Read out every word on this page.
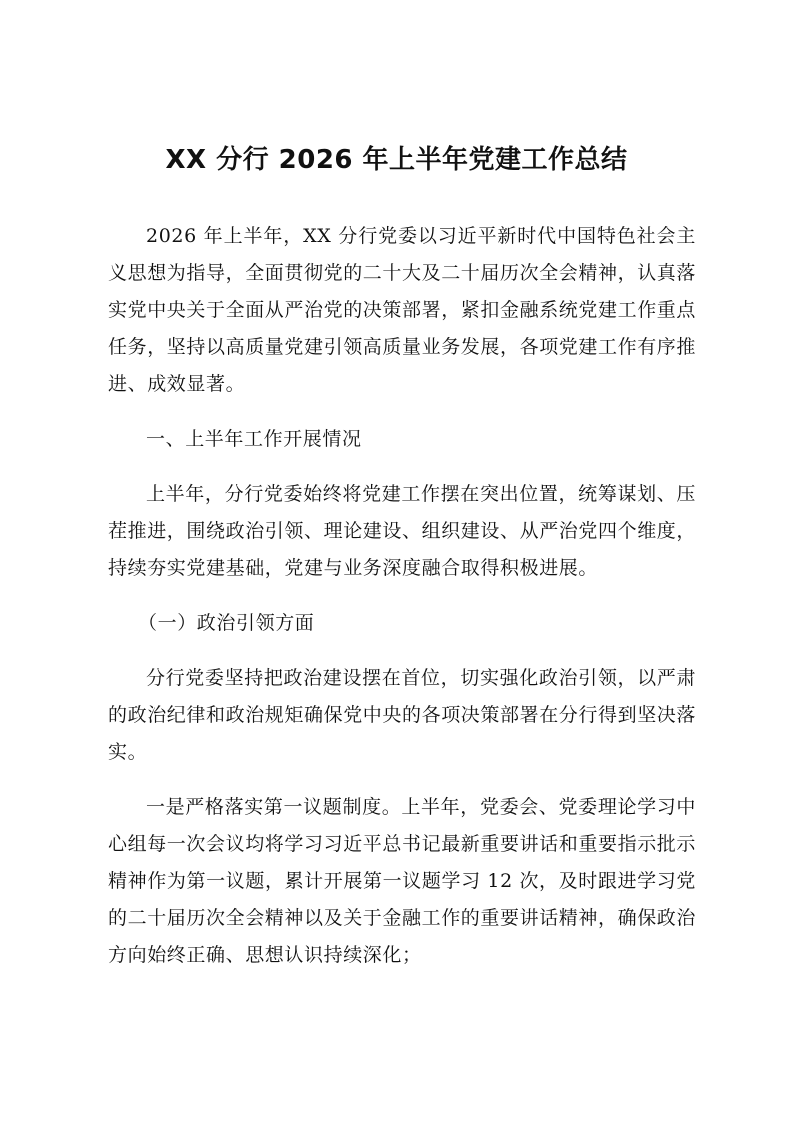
XX 分行 2026 年上半年党建工作总结

2026 年上半年，XX 分行党委以习近平新时代中国特色社会主义思想为指导，全面贯彻党的二十大及二十届历次全会精神，认真落实党中央关于全面从严治党的决策部署，紧扣金融系统党建工作重点任务，坚持以高质量党建引领高质量业务发展，各项党建工作有序推进、成效显著。

一、上半年工作开展情况

上半年，分行党委始终将党建工作摆在突出位置，统筹谋划、压茬推进，围绕政治引领、理论建设、组织建设、从严治党四个维度，持续夯实党建基础，党建与业务深度融合取得积极进展。

（一）政治引领方面

分行党委坚持把政治建设摆在首位，切实强化政治引领，以严肃的政治纪律和政治规矩确保党中央的各项决策部署在分行得到坚决落实。

一是严格落实第一议题制度。上半年，党委会、党委理论学习中心组每一次会议均将学习习近平总书记最新重要讲话和重要指示批示精神作为第一议题，累计开展第一议题学习 12 次，及时跟进学习党的二十届历次全会精神以及关于金融工作的重要讲话精神，确保政治方向始终正确、思想认识持续深化；
